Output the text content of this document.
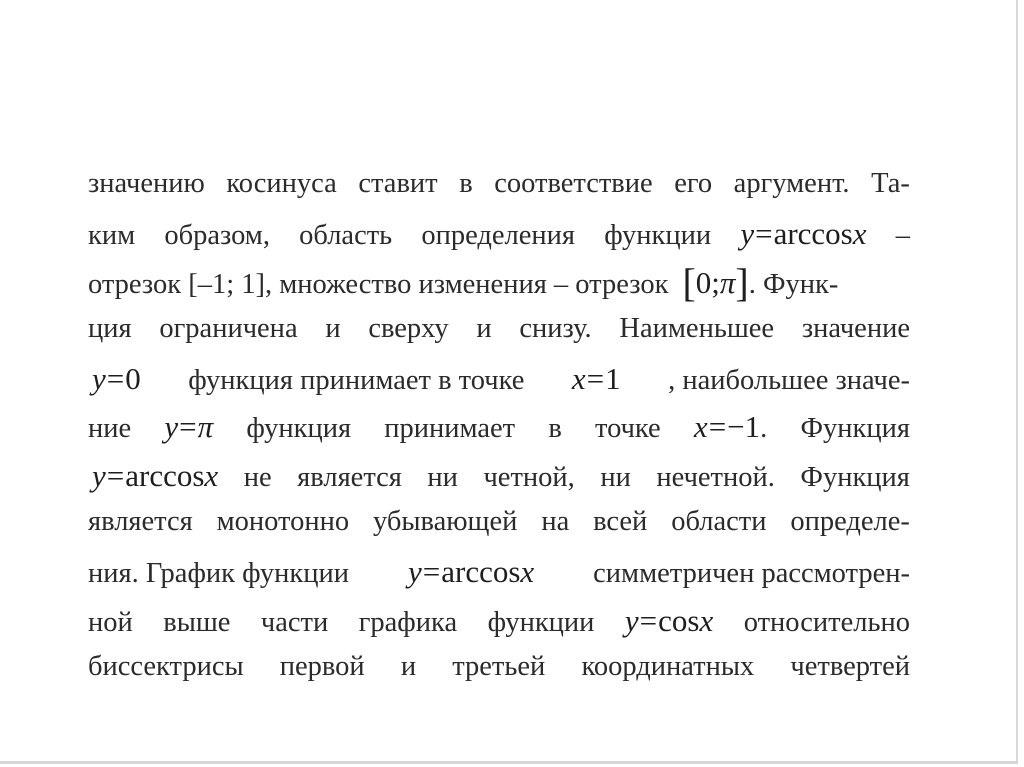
значению косинуса ставит в соответствие его аргумент. Та-
ким образом, область определения функции y=arccosx –
отрезок [–1; 1], множество изменения – отрезок [0;π] . Функ-
ция ограничена и сверху и снизу. Наименьшее значение
y=0 функция принимает в точке x=1 , наибольшее значе-
ние y=π функция принимает в точке x=−1. Функция
y=arccosx не является ни четной, ни нечетной. Функция
является монотонно убывающей на всей области определе-
ния. График функции y=arccosx симметричен рассмотрен-
ной выше части графика функции y=cosx относительно
биссектрисы первой и третьей координатных четвертей
